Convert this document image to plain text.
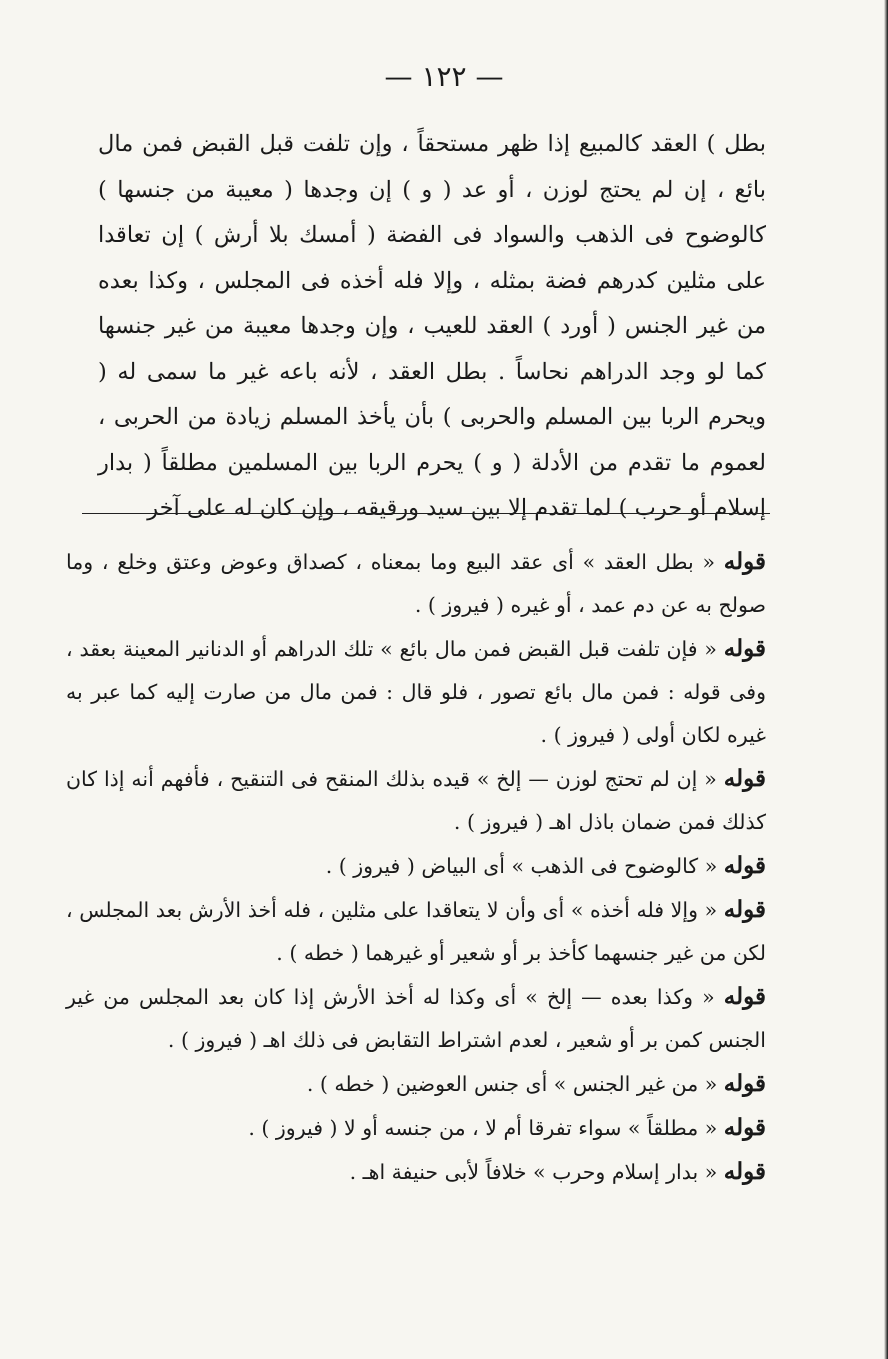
— ١٢٢ —
بطل ) العقد كالمبيع إذا ظهر مستحقاً ، وإن تلفت قبل القبض فمن مال بائع ، إن لم يحتج لوزن ، أو عد ( و ) إن وجدها ( معيبة من جنسها ) كالوضوح فى الذهب والسواد فى الفضة ( أمسك بلا أرش ) إن تعاقدا على مثلين كدرهم فضة بمثله ، وإلا فله أخذه فى المجلس ، وكذا بعده من غير الجنس ( أورد ) العقد للعيب ، وإن وجدها معيبة من غير جنسها كما لو وجد الدراهم نحاساً . بطل العقد ، لأنه باعه غير ما سمى له ( ويحرم الربا بين المسلم والحربى ) بأن يأخذ المسلم زيادة من الحربى ، لعموم ما تقدم من الأدلة ( و ) يحرم الربا بين المسلمين مطلقاً ( بدار إسلام أو حرب ) لما تقدم إلا بين سيد ورقيقه ، وإن كان له على آخر

قوله « بطل العقد » أى عقد البيع وما بمعناه ، كصداق وعوض وعتق وخلع ، وما صولح به عن دم عمد ، أو غيره ( فيروز ) .

قوله « فإن تلفت قبل القبض فمن مال بائع » تلك الدراهم أو الدنانير المعينة بعقد ، وفى قوله : فمن مال بائع تصور ، فلو قال : فمن مال من صارت إليه كما عبر به غيره لكان أولى ( فيروز ) .

قوله « إن لم تحتج لوزن — إلخ » قيده بذلك المنقح فى التنقيح ، فأفهم أنه إذا كان كذلك فمن ضمان باذل اهـ ( فيروز ) .

قوله « كالوضوح فى الذهب » أى البياض ( فيروز ) .

قوله « وإلا فله أخذه » أى وأن لا يتعاقدا على مثلين ، فله أخذ الأرش بعد المجلس ، لكن من غير جنسهما كأخذ بر أو شعير أو غيرهما ( خطه ) .

قوله « وكذا بعده — إلخ » أى وكذا له أخذ الأرش إذا كان بعد المجلس من غير الجنس كمن بر أو شعير ، لعدم اشتراط التقابض فى ذلك اهـ ( فيروز ) .

قوله « من غير الجنس » أى جنس العوضين ( خطه ) .

قوله « مطلقاً » سواء تفرقا أم لا ، من جنسه أو لا ( فيروز ) .

قوله « بدار إسلام وحرب » خلافاً لأبى حنيفة اهـ .
